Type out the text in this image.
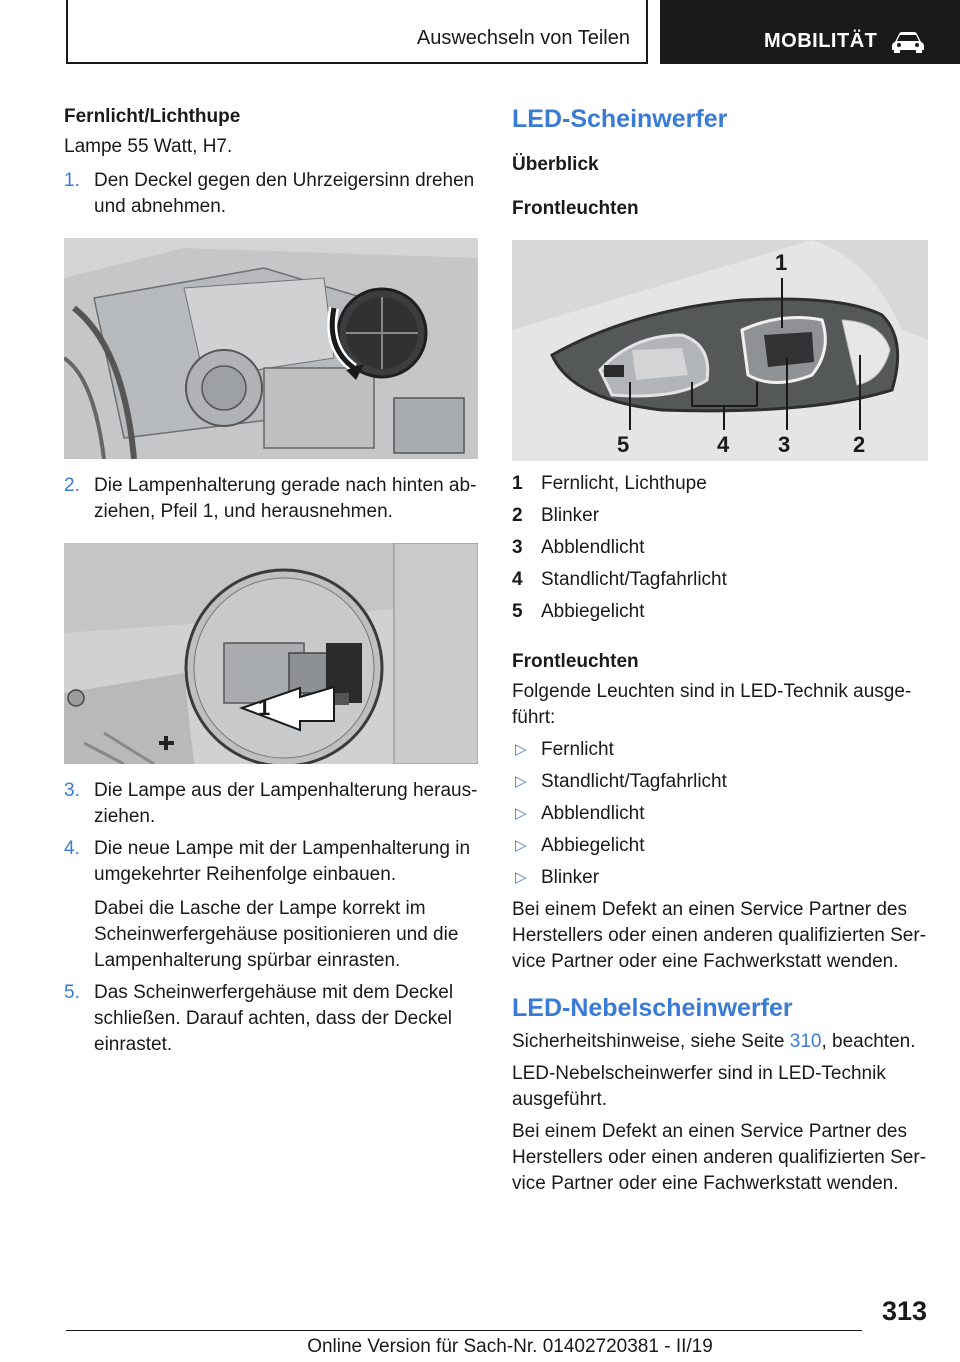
Auswechseln von Teilen	MOBILITÄT
Fernlicht/Lichthupe
Lampe 55 Watt, H7.
1. Den Deckel gegen den Uhrzeigersinn drehen und abnehmen.
2. Die Lampenhalterung gerade nach hinten abziehen, Pfeil 1, und herausnehmen.
1
3. Die Lampe aus der Lampenhalterung herausziehen.
4. Die neue Lampe mit der Lampenhalterung in umgekehrter Reihenfolge einbauen.
Dabei die Lasche der Lampe korrekt im Scheinwerfergehäuse positionieren und die Lampenhalterung spürbar einrasten.
5. Das Scheinwerfergehäuse mit dem Deckel schließen. Darauf achten, dass der Deckel einrastet.
LED-Scheinwerfer
Überblick
Frontleuchten
1
5	4 3	2
1 Fernlicht, Lichthupe
2 Blinker
3 Abblendlicht
4 Standlicht/Tagfahrlicht
5 Abbiegelicht
Frontleuchten
Folgende Leuchten sind in LED-Technik ausgeführt:
▷ Fernlicht
▷ Standlicht/Tagfahrlicht
▷ Abblendlicht
▷ Abbiegelicht
▷ Blinker
Bei einem Defekt an einen Service Partner des Herstellers oder einen anderen qualifizierten Service Partner oder eine Fachwerkstatt wenden.
LED-Nebelscheinwerfer
Sicherheitshinweise, siehe Seite 310, beachten.
LED-Nebelscheinwerfer sind in LED-Technik ausgeführt.
Bei einem Defekt an einen Service Partner des Herstellers oder einen anderen qualifizierten Service Partner oder eine Fachwerkstatt wenden.
313
Online Version für Sach-Nr. 01402720381 - II/19
